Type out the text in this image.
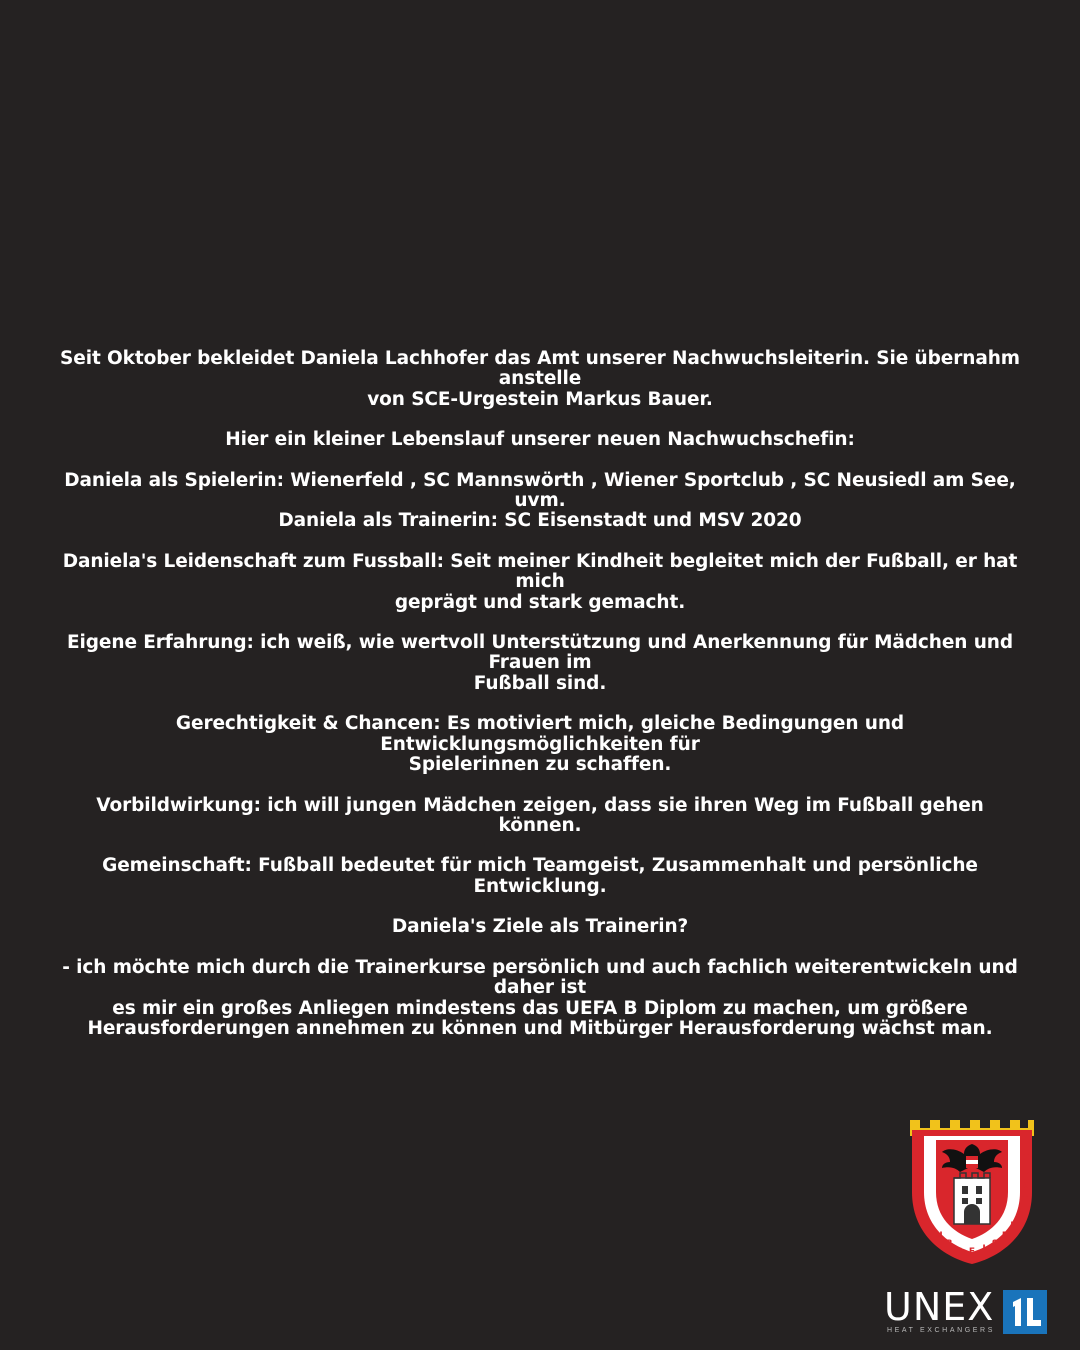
Seit Oktober bekleidet Daniela Lachhofer das Amt unserer Nachwuchsleiterin. Sie übernahm anstelle

von SCE-Urgestein Markus Bauer.

Hier ein kleiner Lebenslauf unserer neuen Nachwuchschefin:

Daniela als Spielerin: Wienerfeld , SC Mannswörth , Wiener Sportclub , SC Neusiedl am See, uvm.

Daniela als Trainerin: SC Eisenstadt und MSV 2020

Daniela's Leidenschaft zum Fussball: Seit meiner Kindheit begleitet mich der Fußball, er hat mich

geprägt und stark gemacht.

Eigene Erfahrung: ich weiß, wie wertvoll Unterstützung und Anerkennung für Mädchen und Frauen im

Fußball sind.

Gerechtigkeit & Chancen: Es motiviert mich, gleiche Bedingungen und Entwicklungsmöglichkeiten für

Spielerinnen zu schaffen.

Vorbildwirkung: ich will jungen Mädchen zeigen, dass sie ihren Weg im Fußball gehen können.

Gemeinschaft: Fußball bedeutet für mich Teamgeist, Zusammenhalt und persönliche Entwicklung.

Daniela's Ziele als Trainerin?

- ich möchte mich durch die Trainerkurse persönlich und auch fachlich weiterentwickeln und daher ist

es mir ein großes Anliegen mindestens das UEFA B Diplom zu machen, um größere

Herausforderungen annehmen zu können und Mitbürger Herausforderung wächst man.

S
P
O
R
T
C
L
U
B - E I S
E
N
S
T
A
D
T
UNEX
HEAT EXCHANGERS
